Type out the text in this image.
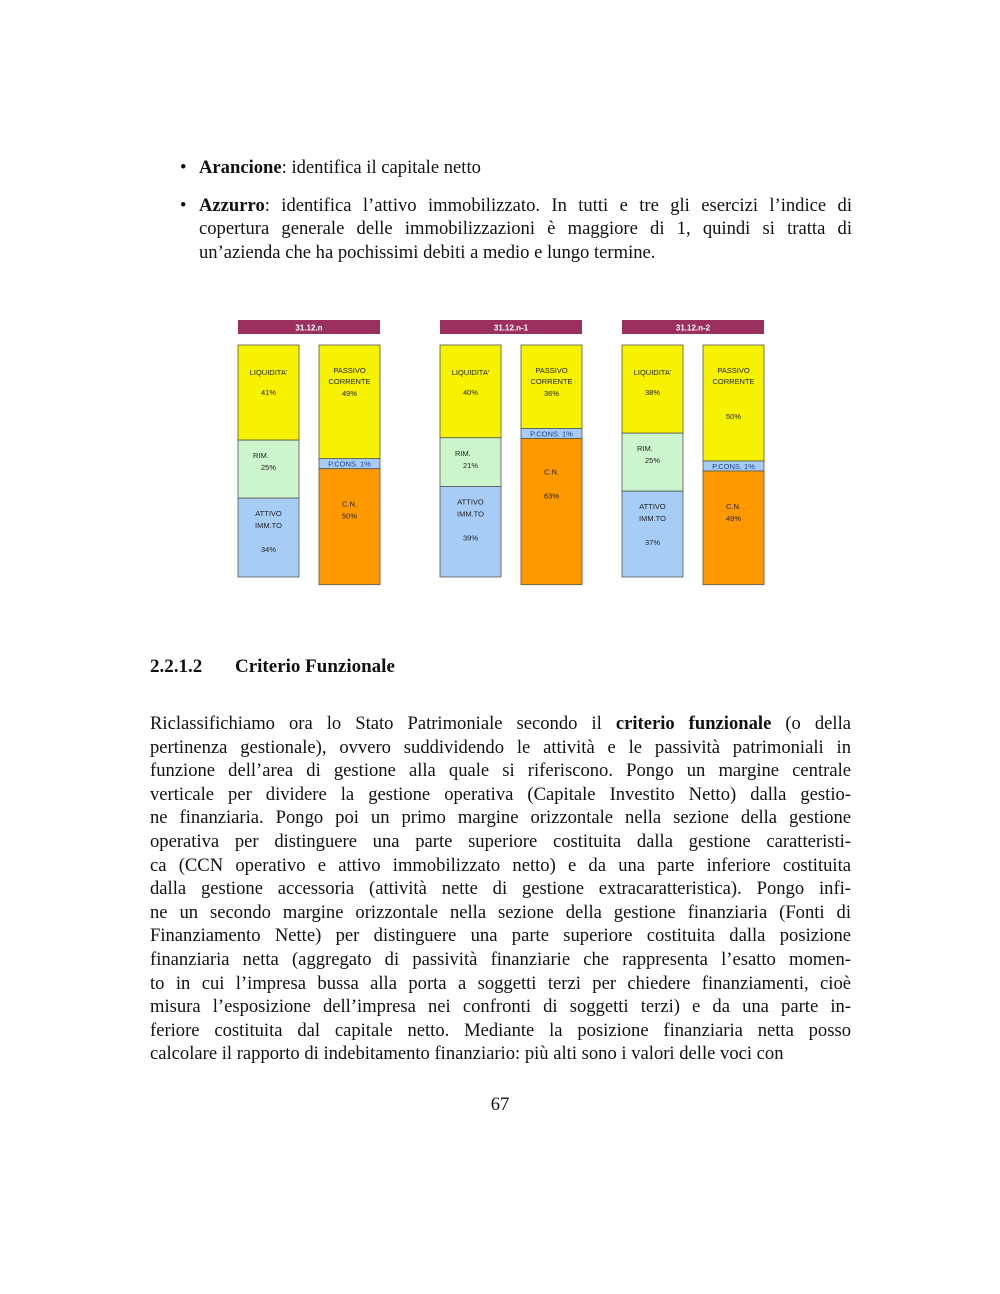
• Arancione: identifica il capitale netto
• Azzurro: identifica l’attivo immobilizzato. In tutti e tre gli esercizi l’indice di
copertura generale delle immobilizzazioni è maggiore di 1, quindi si tratta di
un’azienda che ha pochissimi debiti a medio e lungo termine.
31.12.n
LIQUIDITA'
41%
RIM.
25%
ATTIVO
IMM.TO
34%
PASSIVO
CORRENTE
49%
P.CONS. 1%
C.N.
50%
31.12.n-1
LIQUIDITA'
40%
RIM.
21%
ATTIVO
IMM.TO
39%
PASSIVO
CORRENTE
36%
P.CONS. 1%
C.N.
63%
31.12.n-2
LIQUIDITA'
38%
RIM.
25%
ATTIVO
IMM.TO
37%
PASSIVO
CORRENTE
50%
P.CONS. 1%
C.N.
49%
2.2.1.2 Criterio Funzionale
Riclassifichiamo ora lo Stato Patrimoniale secondo il criterio funzionale (o della
pertinenza gestionale), ovvero suddividendo le attività e le passività patrimoniali in
funzione dell’area di gestione alla quale si riferiscono. Pongo un margine centrale
verticale per dividere la gestione operativa (Capitale Investito Netto) dalla gestio-
ne finanziaria. Pongo poi un primo margine orizzontale nella sezione della gestione
operativa per distinguere una parte superiore costituita dalla gestione caratteristi-
ca (CCN operativo e attivo immobilizzato netto) e da una parte inferiore costituita
dalla gestione accessoria (attività nette di gestione extracaratteristica). Pongo infi-
ne un secondo margine orizzontale nella sezione della gestione finanziaria (Fonti di
Finanziamento Nette) per distinguere una parte superiore costituita dalla posizione
finanziaria netta (aggregato di passività finanziarie che rappresenta l’esatto momen-
to in cui l’impresa bussa alla porta a soggetti terzi per chiedere finanziamenti, cioè
misura l’esposizione dell’impresa nei confronti di soggetti terzi) e da una parte in-
feriore costituita dal capitale netto. Mediante la posizione finanziaria netta posso
calcolare il rapporto di indebitamento finanziario: più alti sono i valori delle voci con
67
